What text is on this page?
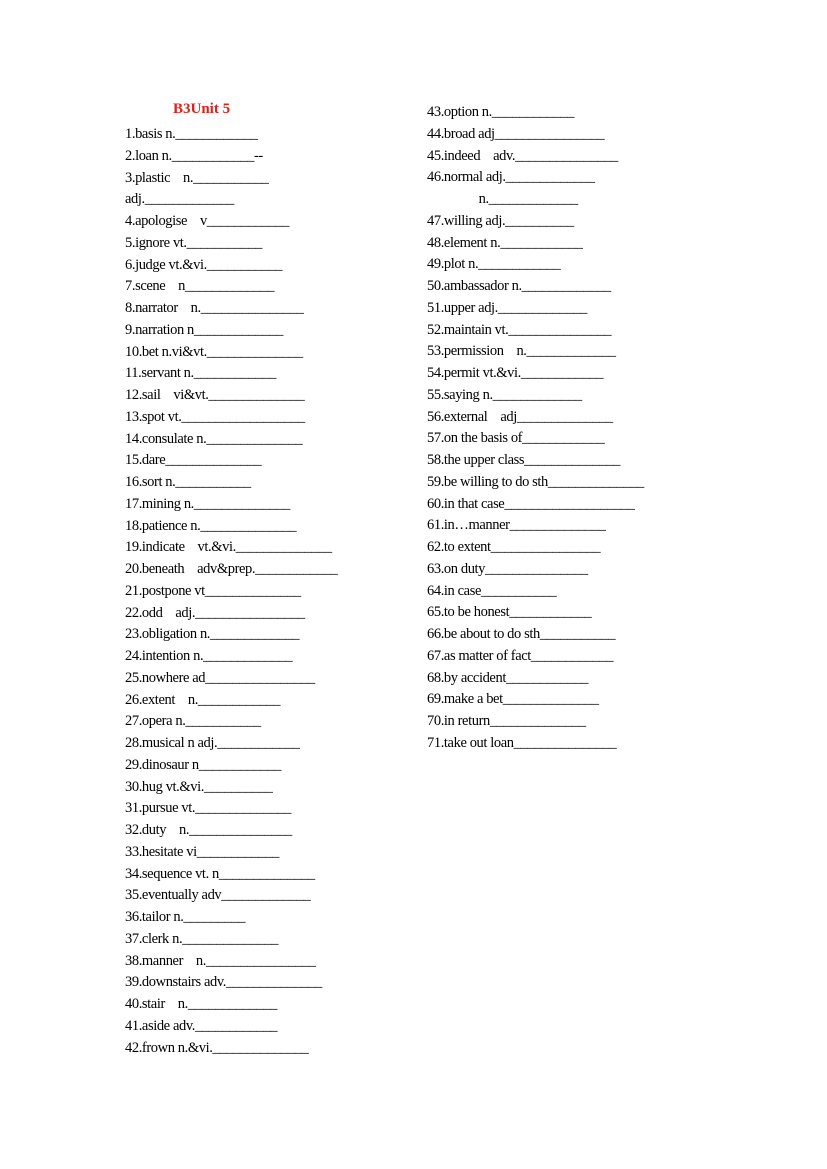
B3Unit 5
1.basis n.____________
2.loan n.____________--
3.plastic    n.___________
adj._____________
4.apologise    v____________
5.ignore vt.___________
6.judge vt.&vi.___________
7.scene    n_____________
8.narrator    n._______________
9.narration n_____________
10.bet n.vi&vt.______________
11.servant n.____________
12.sail    vi&vt.______________
13.spot vt.__________________
14.consulate n.______________
15.dare______________
16.sort n.___________
17.mining n.______________
18.patience n.______________
19.indicate    vt.&vi.______________
20.beneath    adv&prep.____________
21.postpone vt______________
22.odd    adj.________________
23.obligation n._____________
24.intention n._____________
25.nowhere ad________________
26.extent    n.____________
27.opera n.___________
28.musical n adj.____________
29.dinosaur n____________
30.hug vt.&vi.__________
31.pursue vt.______________
32.duty    n._______________
33.hesitate vi____________
34.sequence vt. n______________
35.eventually adv_____________
36.tailor n._________
37.clerk n.______________
38.manner    n.________________
39.downstairs adv.______________
40.stair    n._____________
41.aside adv.____________
42.frown n.&vi.______________
43.option n.____________
44.broad adj________________
45.indeed    adv._______________
46.normal adj._____________
n._____________
47.willing adj.__________
48.element n.____________
49.plot n.____________
50.ambassador n._____________
51.upper adj._____________
52.maintain vt._______________
53.permission    n._____________
54.permit vt.&vi.____________
55.saying n._____________
56.external    adj______________
57.on the basis of____________
58.the upper class______________
59.be willing to do sth______________
60.in that case___________________
61.in…manner______________
62.to extent________________
63.on duty_______________
64.in case___________
65.to be honest____________
66.be about to do sth___________
67.as matter of fact____________
68.by accident____________
69.make a bet______________
70.in return______________
71.take out loan_______________
